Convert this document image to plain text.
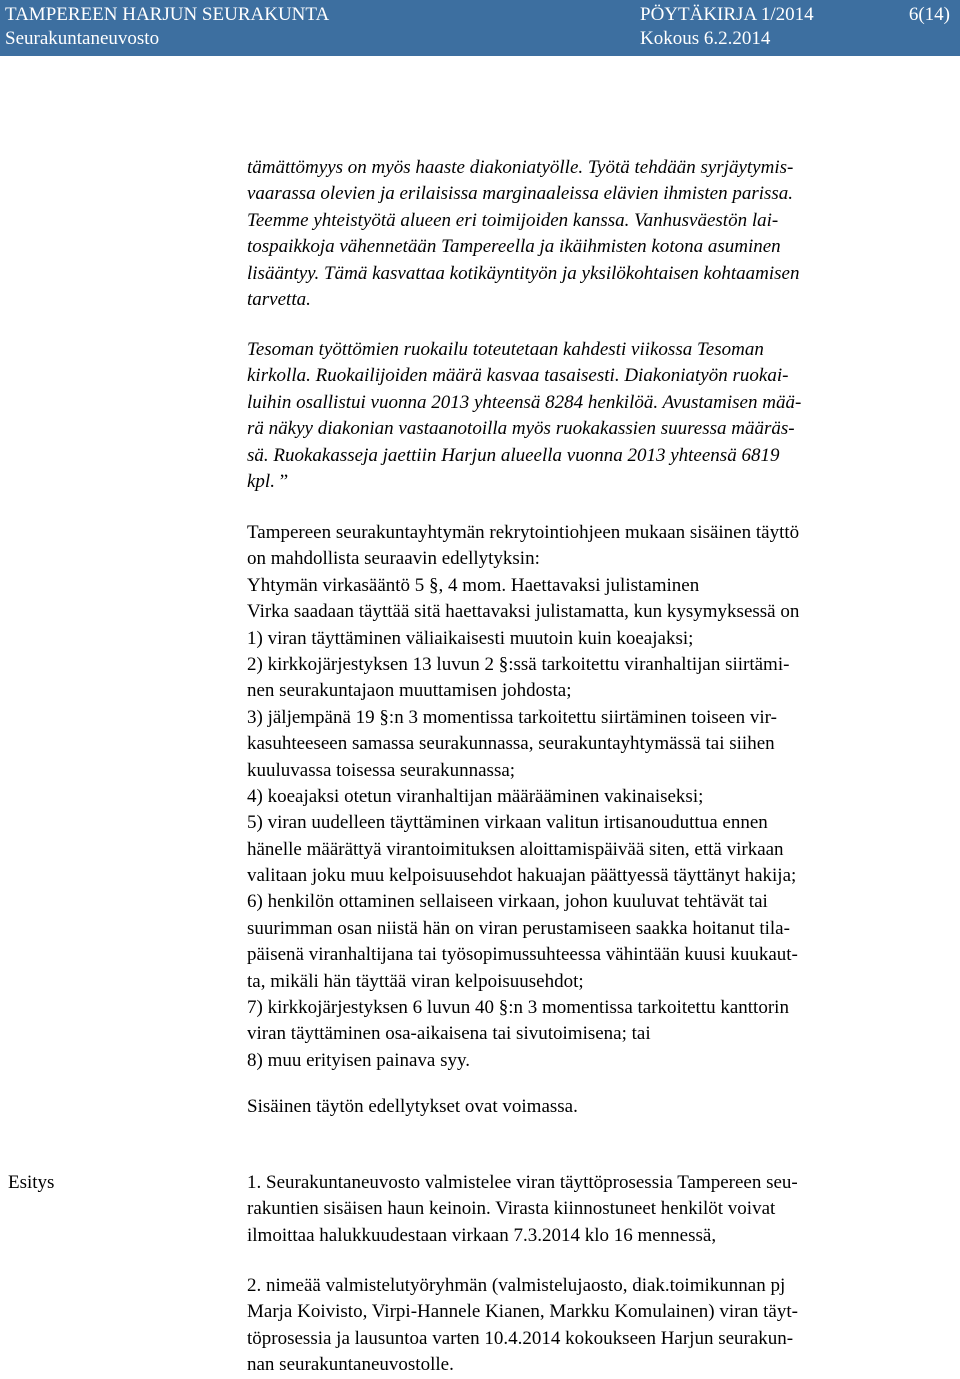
TAMPEREEN HARJUN SEURAKUNTA	PÖYTÄKIRJA 1/2014	6(14)
Seurakuntaneuvosto	Kokous 6.2.2014
tämättömyys on myös haaste diakoniatyölle. Työtä tehdään syrjäytymis-
vaarassa olevien ja erilaisissa marginaaleissa elävien ihmisten parissa.
Teemme yhteistyötä alueen eri toimijoiden kanssa. Vanhusväestön lai-
tospaikkoja vähennetään Tampereella ja ikäihmisten kotona asuminen
lisääntyy. Tämä kasvattaa kotikäyntityön ja yksilökohtaisen kohtaamisen
tarvetta.
Tesoman työttömien ruokailu toteutetaan kahdesti viikossa Tesoman
kirkolla. Ruokailijoiden määrä kasvaa tasaisesti. Diakoniatyön ruokai-
luihin osallistui vuonna 2013 yhteensä 8284 henkilöä. Avustamisen mää-
rä näkyy diakonian vastaanotoilla myös ruokakassien suuressa määräs-
sä. Ruokakasseja jaettiin Harjun alueella vuonna 2013 yhteensä 6819
kpl. ”
Tampereen seurakuntayhtymän rekrytointiohjeen mukaan sisäinen täyttö
on mahdollista seuraavin edellytyksin:
Yhtymän virkasääntö 5 §, 4 mom. Haettavaksi julistaminen
Virka saadaan täyttää sitä haettavaksi julistamatta, kun kysymyksessä on
1) viran täyttäminen väliaikaisesti muutoin kuin koeajaksi;
2) kirkkojärjestyksen 13 luvun 2 §:ssä tarkoitettu viranhaltijan siirtämi-
nen seurakuntajaon muuttamisen johdosta;
3) jäljempänä 19 §:n 3 momentissa tarkoitettu siirtäminen toiseen vir-
kasuhteeseen samassa seurakunnassa, seurakuntayhtymässä tai siihen
kuuluvassa toisessa seurakunnassa;
4) koeajaksi otetun viranhaltijan määrääminen vakinaiseksi;
5) viran uudelleen täyttäminen virkaan valitun irtisanouduttua ennen
hänelle määrättyä virantoimituksen aloittamispäivää siten, että virkaan
valitaan joku muu kelpoisuusehdot hakuajan päättyessä täyttänyt hakija;
6) henkilön ottaminen sellaiseen virkaan, johon kuuluvat tehtävät tai
suurimman osan niistä hän on viran perustamiseen saakka hoitanut tila-
päisenä viranhaltijana tai työsopimussuhteessa vähintään kuusi kuukaut-
ta, mikäli hän täyttää viran kelpoisuusehdot;
7) kirkkojärjestyksen 6 luvun 40 §:n 3 momentissa tarkoitettu kanttorin
viran täyttäminen osa-aikaisena tai sivutoimisena; tai
8) muu erityisen painava syy.
Sisäinen täytön edellytykset ovat voimassa.
Esitys	1. Seurakuntaneuvosto valmistelee viran täyttöprosessia Tampereen seu-
rakuntien sisäisen haun keinoin. Virasta kiinnostuneet henkilöt voivat
ilmoittaa halukkuudestaan virkaan 7.3.2014 klo 16 mennessä,
2. nimeää valmistelutyöryhmän (valmistelujaosto, diak.toimikunnan pj
Marja Koivisto, Virpi-Hannele Kianen, Markku Komulainen) viran täyt-
töprosessia ja lausuntoa varten 10.4.2014 kokoukseen Harjun seurakun-
nan seurakuntaneuvostolle.
